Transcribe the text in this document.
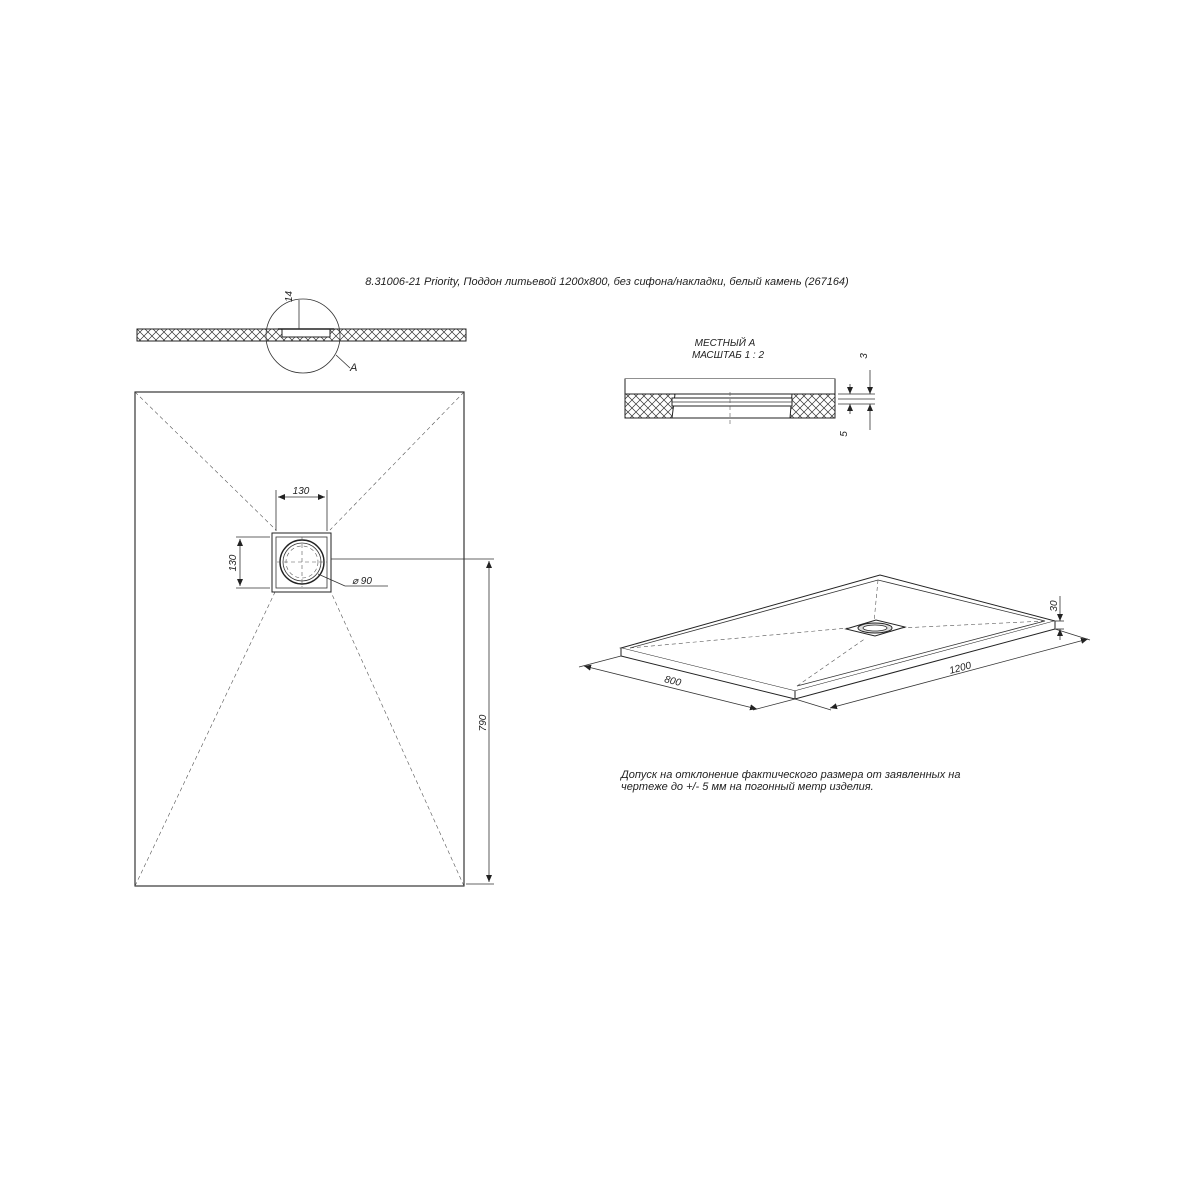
8.31006-21 Priority, Поддон литьевой 1200х800, без сифона/накладки, белый камень (267164)
A
14
130
130
⌀ 90
790
МЕСТНЫЙ А
МАСШТАБ 1 : 2	3
5
30
800
1200
Допуск на отклонение фактического размера от заявленных на
чертеже до +/- 5 мм на погонный метр изделия.
